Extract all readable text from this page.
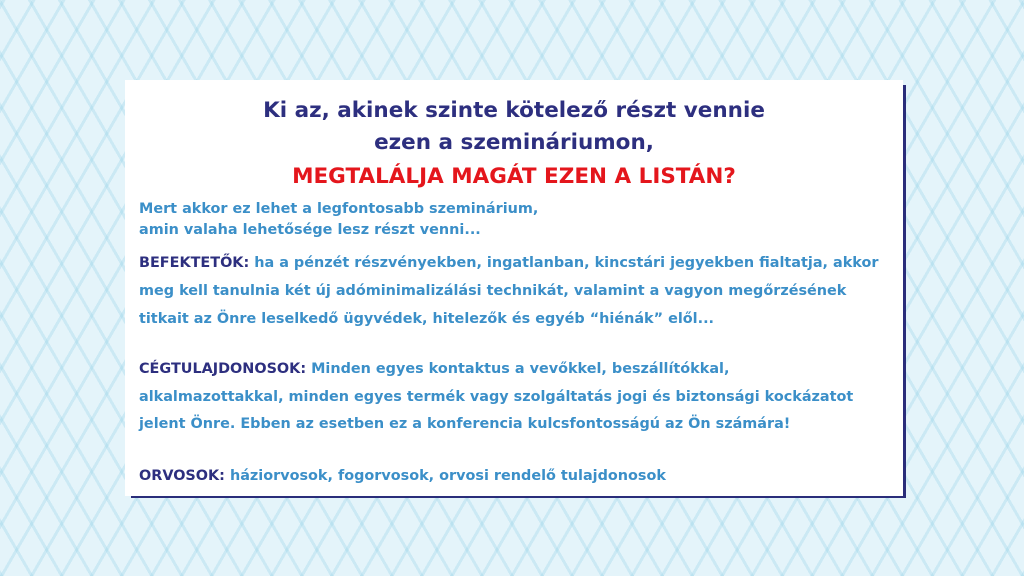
Ki az, akinek szinte kötelező részt vennie
ezen a szemináriumon,
MEGTALÁLJA MAGÁT EZEN A LISTÁN?
Mert akkor ez lehet a legfontosabb szeminárium,
amin valaha lehetősége lesz részt venni...
BEFEKTETŐK: ha a pénzét részvényekben, ingatlanban, kincstári jegyekben fialtatja, akkor
meg kell tanulnia két új adóminimalizálási technikát, valamint a vagyon megőrzésének
titkait az Önre leselkedő ügyvédek, hitelezők és egyéb “hiénák” elől...
CÉGTULAJDONOSOK: Minden egyes kontaktus a vevőkkel, beszállítókkal,
alkalmazottakkal, minden egyes termék vagy szolgáltatás jogi és biztonsági kockázatot
jelent Önre. Ebben az esetben ez a konferencia kulcsfontosságú az Ön számára!
ORVOSOK: háziorvosok, fogorvosok, orvosi rendelő tulajdonosok
